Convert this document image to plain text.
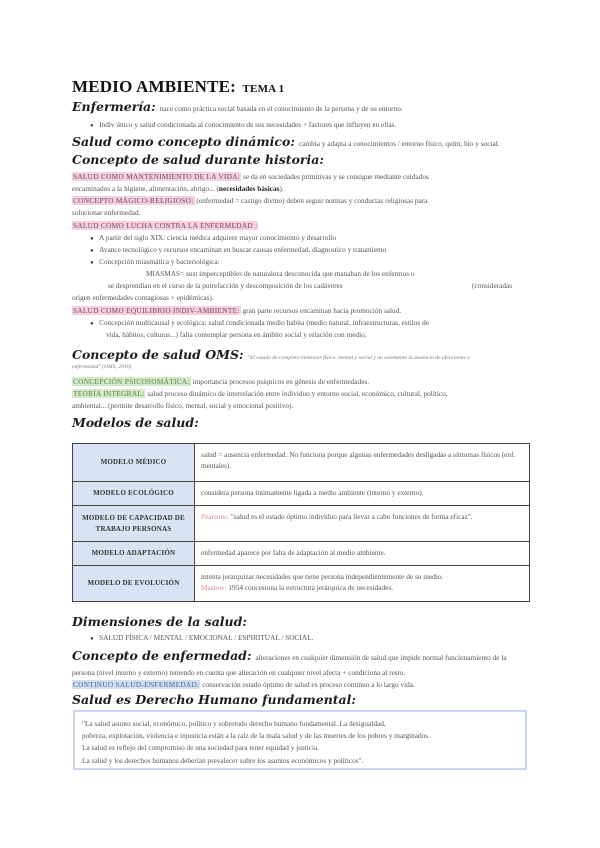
MEDIO AMBIENTE: TEMA 1
Enfermería: nace como práctica social basada en el conocimiento de la persona y de su entorno.
● Indiv único y salud condicionada al conocimiento de sus necesidades + factores que influyen en ellas.
Salud como concepto dinámico: cambia y adapta a conocimientos / entorno físico, quím, bio y social.
Concepto de salud durante historia:
SALUD COMO MANTENIMIENTO DE LA VIDA: se da en sociedades primitivas y se consigue mediante cuidados
encaminados a la higiene, alimentación, abrigo... (necesidades básicas).
CONCEPTO MÁGICO-RELIGIOSO: (enfermedad = castigo divino) deben seguir normas y conductas religiosas para
solucionar enfermedad.
SALUD COMO LUCHA CONTRA LA ENFERMEDAD :
● A partir del siglo XIX: ciencia médica adquiere mayor conocimiento y desarrollo
● Avance tecnológico y recursos encaminan en buscar causas enfermedad, diagnostico y tratamiento
● Concepción miasmática y bacteriológica:
MIASMAS= sust imperceptibles de naturaleza desconocida que manaban de los enfermos o
se desprendían en el curso de la putrefacción y descomposición de los cadáveres	(consideradas
origen enfermedades contagiosas + epidémicas).
SALUD COMO EQUILIBRIO INDIV-AMBIENTE: gran parte recursos encaminan hacia promoción salud.
● Concepción multicausal y ecológica: salud condicionada medio habita (medio natural, infraestructuras, estilos de
vida, hábitos, culturas...) falta contemplar persona en ámbito social y relación con medio.
Concepto de salud OMS: "El estado de completo bienestar físico, mental y social y no solamente la ausencia de afecciones o
enfermedad" (OMS, 2010)
CONCEPCIÓN PSICOSOMÁTICA: importancia procesos psíquicos en génesis de enfermedades.
TEORÍA INTEGRAL: salud proceso dinámico de interrelación entre individuo y entorno social, económico, cultural, político,
ambiental... (permite desarrollo físico, mental, social y emocional positivo).
Modelos de salud:
MODELO MÉDICO	salud = ausencia enfermedad. No funciona porque algunas enfermedades desligadas a síntomas físicos (enf. mentales).
MODELO ECOLÓGICO	considera persona íntimamente ligada a medio ambiente (interno y externo).
MODELO DE CAPACIDAD DE TRABAJO PERSONAS	Pearsons: "salud es el estado óptimo individuo para llevar a cabo funciones de forma eficaz".
MODELO ADAPTACIÓN	enfermedad aparece por falta de adaptación al medio ambiente.
MODELO DE EVOLUCIÓN	intenta jerarquizar necesidades que tiene persona independientemente de su medio.
Maslow: 1954 concesiona la estructura jerárquica de necesidades.
Dimensiones de la salud:
● SALUD FÍSICA / MENTAL / EMOCIONAL / ESPIRITUAL / SOCIAL.
Concepto de enfermedad: alteraciones en cualquier dimensión de salud que impide normal funcionamiento de la
persona (nivel interno y externo) teniendo en cuenta que alteración en cualquier nivel afecta + condiciona al resto.
CONTINUO SALUD-ENFERMEDAD: conservación estado óptimo de salud es proceso continuo a lo largo vida.
Salud es Derecho Humano fundamental:
"La salud asunto social, económico, político y sobretodo derecho humano fundamental. La desigualdad,
pobreza, explotación, violencia e injusticia están a la raíz de la mala salud y de las muertes de los pobres y marginados.
La salud es reflejo del compromiso de una sociedad para tener equidad y justicia.
La salud y los derechos humanos deberían prevalecer sobre los asuntos económicos y políticos".
